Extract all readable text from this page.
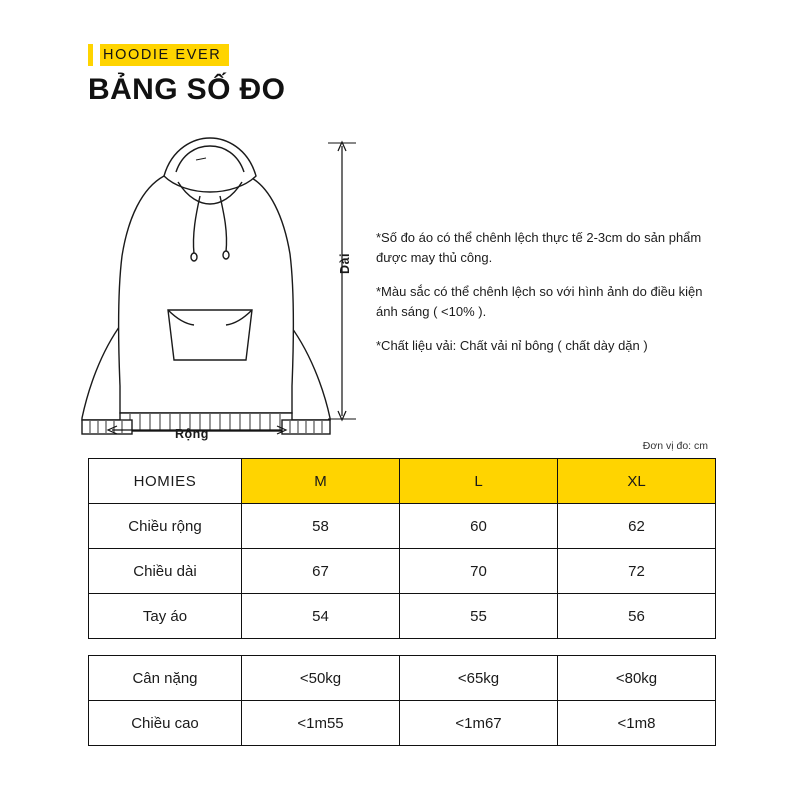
HOODIE EVER
BẢNG SỐ ĐO
Dài
Rộng

*Số đo áo có thể chênh lệch thực tế 2-3cm do sản phẩm được may thủ công.

*Màu sắc có thể chênh lệch so với hình ảnh do điều kiện ánh sáng ( <10% ).

*Chất liệu vải: Chất vải nỉ bông ( chất dày dặn )

Đơn vị đo: cm
HOMIES	M	L	XL
Chiều rộng	58	60	62
Chiều dài	67	70	72
Tay áo	54	55	56
Cân nặng	<50kg	<65kg	<80kg
Chiều cao	<1m55	<1m67	<1m8
